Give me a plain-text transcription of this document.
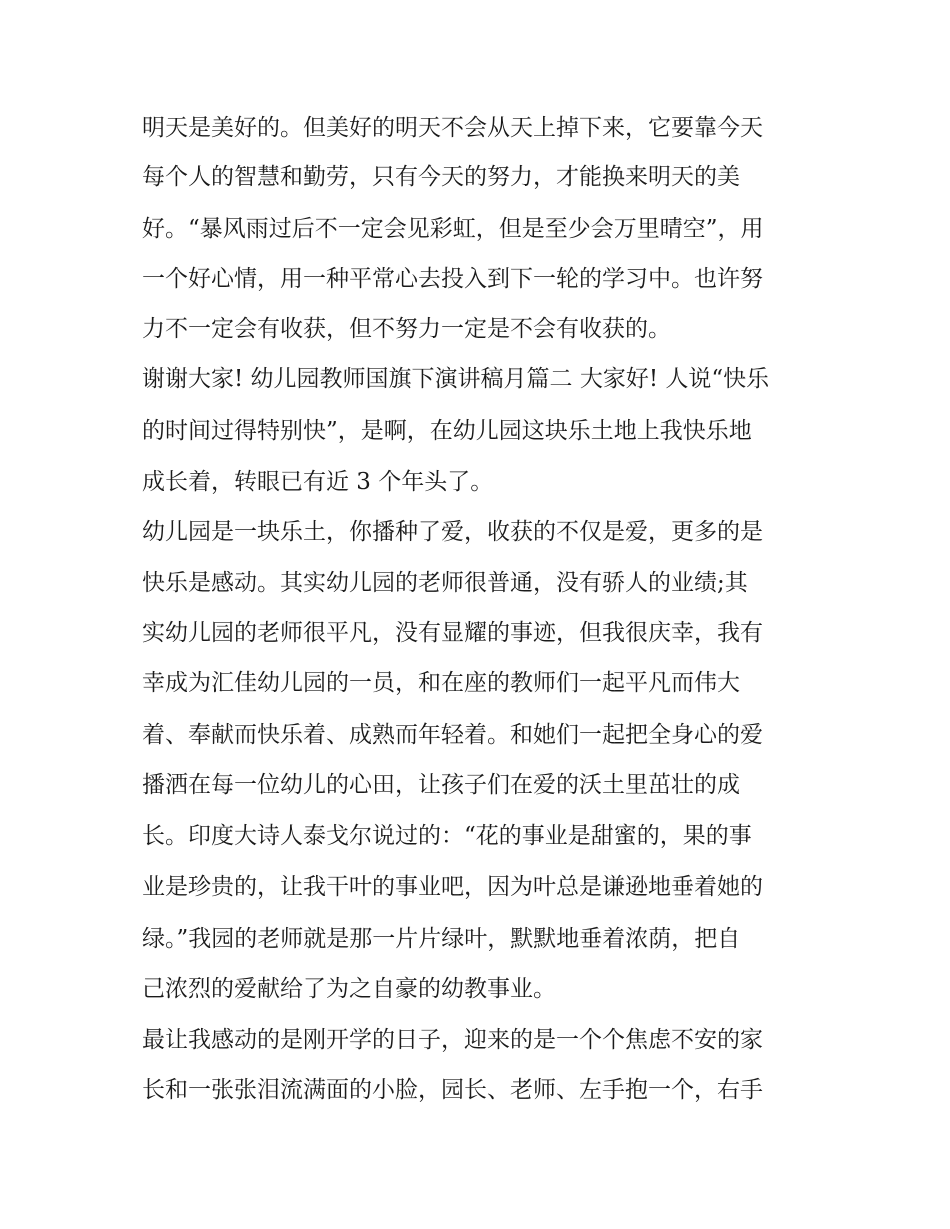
明天是美好的。但美好的明天不会从天上掉下来，它要靠今天

每个人的智慧和勤劳，只有今天的努力，才能换来明天的美

好。“暴风雨过后不一定会见彩虹，但是至少会万里晴空”，用

一个好心情，用一种平常心去投入到下一轮的学习中。也许努

力不一定会有收获，但不努力一定是不会有收获的。

谢谢大家! 幼儿园教师国旗下演讲稿月篇二 大家好! 人说“快乐

的时间过得特别快”，是啊，在幼儿园这块乐土地上我快乐地

成长着，转眼已有近 3 个年头了。

幼儿园是一块乐土，你播种了爱，收获的不仅是爱，更多的是

快乐是感动。其实幼儿园的老师很普通，没有骄人的业绩;其

实幼儿园的老师很平凡，没有显耀的事迹，但我很庆幸，我有

幸成为汇佳幼儿园的一员，和在座的教师们一起平凡而伟大

着、奉献而快乐着、成熟而年轻着。和她们一起把全身心的爱

播洒在每一位幼儿的心田，让孩子们在爱的沃土里茁壮的成

长。印度大诗人泰戈尔说过的：“花的事业是甜蜜的，果的事

业是珍贵的，让我干叶的事业吧，因为叶总是谦逊地垂着她的

绿。”我园的老师就是那一片片绿叶，默默地垂着浓荫，把自

己浓烈的爱献给了为之自豪的幼教事业。

最让我感动的是刚开学的日子，迎来的是一个个焦虑不安的家

长和一张张泪流满面的小脸，园长、老师、左手抱一个，右手
